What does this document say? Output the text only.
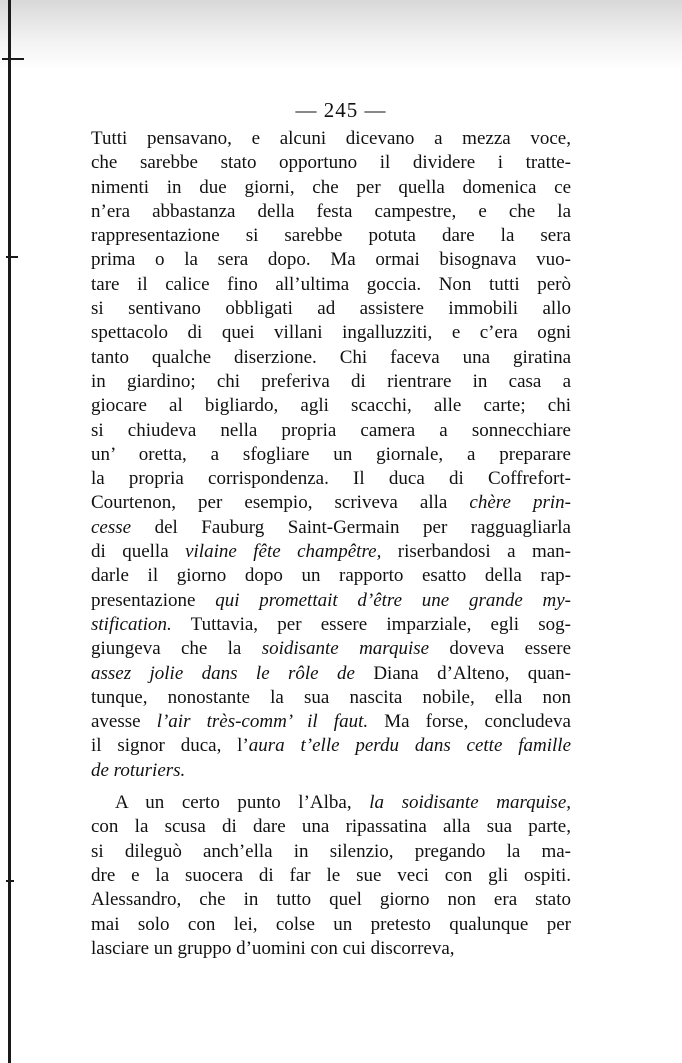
— 245 —
Tutti pensavano, e alcuni dicevano a mezza voce,
che sarebbe stato opportuno il dividere i tratte-
nimenti in due giorni, che per quella domenica ce
n’era abbastanza della festa campestre, e che la
rappresentazione si sarebbe potuta dare la sera
prima o la sera dopo. Ma ormai bisognava vuo-
tare il calice fino all’ultima goccia. Non tutti però
si sentivano obbligati ad assistere immobili allo
spettacolo di quei villani ingalluzziti, e c’era ogni
tanto qualche diserzione. Chi faceva una giratina
in giardino; chi preferiva di rientrare in casa a
giocare al bigliardo, agli scacchi, alle carte; chi
si chiudeva nella propria camera a sonnecchiare
un’ oretta, a sfogliare un giornale, a preparare
la propria corrispondenza. Il duca di Coffrefort-
Courtenon, per esempio, scriveva alla chère prin-
cesse del Fauburg Saint-Germain per ragguagliarla
di quella vilaine fête champêtre, riserbandosi a man-
darle il giorno dopo un rapporto esatto della rap-
presentazione qui promettait d’être une grande my-
stification. Tuttavia, per essere imparziale, egli sog-
giungeva che la soidisante marquise doveva essere
assez jolie dans le rôle de Diana d’Alteno, quan-
tunque, nonostante la sua nascita nobile, ella non
avesse l’air très-comm’ il faut. Ma forse, concludeva
il signor duca, l’aura t’elle perdu dans cette famille
de roturiers.
A un certo punto l’Alba, la soidisante marquise,
con la scusa di dare una ripassatina alla sua parte,
si dileguò anch’ella in silenzio, pregando la ma-
dre e la suocera di far le sue veci con gli ospiti.
Alessandro, che in tutto quel giorno non era stato
mai solo con lei, colse un pretesto qualunque per
lasciare un gruppo d’uomini con cui discorreva,
